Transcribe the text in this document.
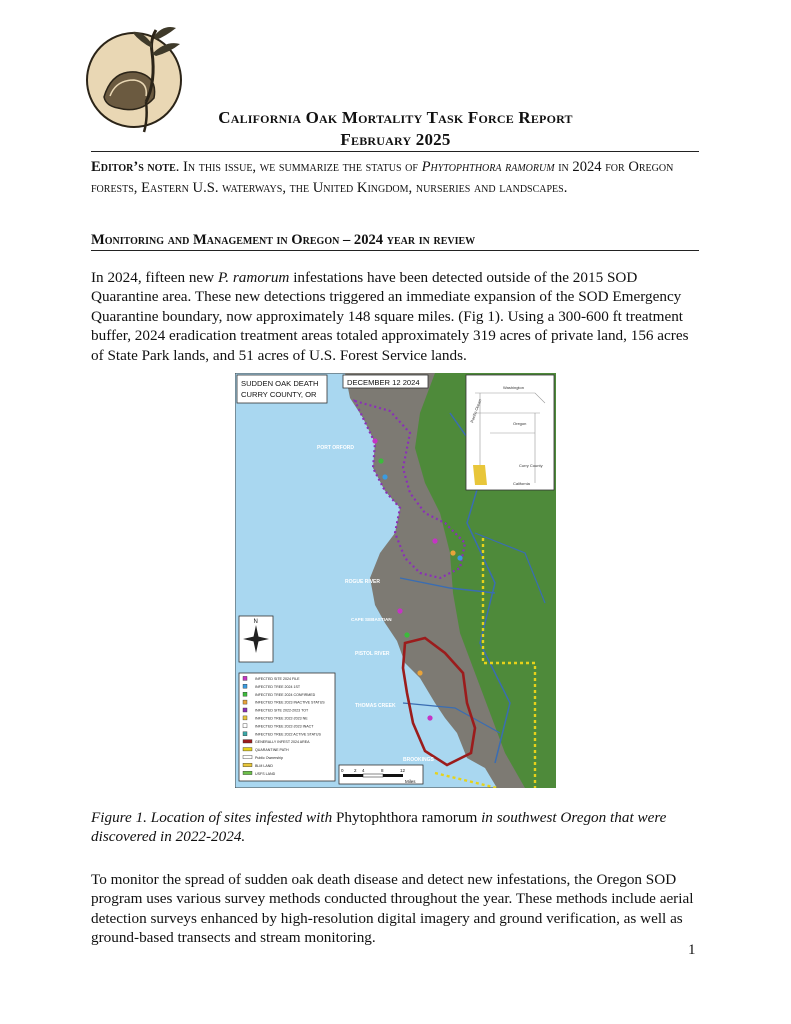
California Oak Mortality Task Force Report
February 2025
Editor’s note. In this issue, we summarize the status of Phytophthora ramorum in 2024 for Oregon forests, Eastern U.S. waterways, the United Kingdom, nurseries and landscapes.
Monitoring and Management in Oregon – 2024 year in review
In 2024, fifteen new P. ramorum infestations have been detected outside of the 2015 SOD Quarantine area. These new detections triggered an immediate expansion of the SOD Emergency Quarantine boundary, now approximately 148 square miles. (Fig 1). Using a 300-600 ft treatment buffer, 2024 eradication treatment areas totaled approximately 319 acres of private land, 156 acres of State Park lands, and 51 acres of U.S. Forest Service lands.
SUDDEN OAK DEATH
CURRY COUNTY, OR
DECEMBER 12 2024
Washington
Oregon
California
Pacific Ocean
Curry County
PORT ORFORD
ROGUE RIVER
CAPE SEBASTIAN
PISTOL RIVER
THOMAS CREEK
BROOKINGS
N
INFECTED SITE 2024 FILE
INFECTED TREE 2024 1ST
INFECTED TREE 2024 CONFIRMED
INFECTED TREE 2023 INACTIVE STATUS
INFECTED SITE 2022-2023 TOT
INFECTED TREE 2022-2023 NE
INFECTED TREE 2022-2023 INACT
INFECTED TREE 2022 ACTIVE STATUS
GENERALLY INFEST 2024 AREA
QUARANTINE PATH
Public Ownership
BLM LAND
USFS LAND
0 2 4	8	12
Miles
Figure 1. Location of sites infested with Phytophthora ramorum in southwest Oregon that were discovered in 2022-2024.
To monitor the spread of sudden oak death disease and detect new infestations, the Oregon SOD program uses various survey methods conducted throughout the year. These methods include aerial detection surveys enhanced by high-resolution digital imagery and ground verification, as well as ground-based transects and stream monitoring.
1
